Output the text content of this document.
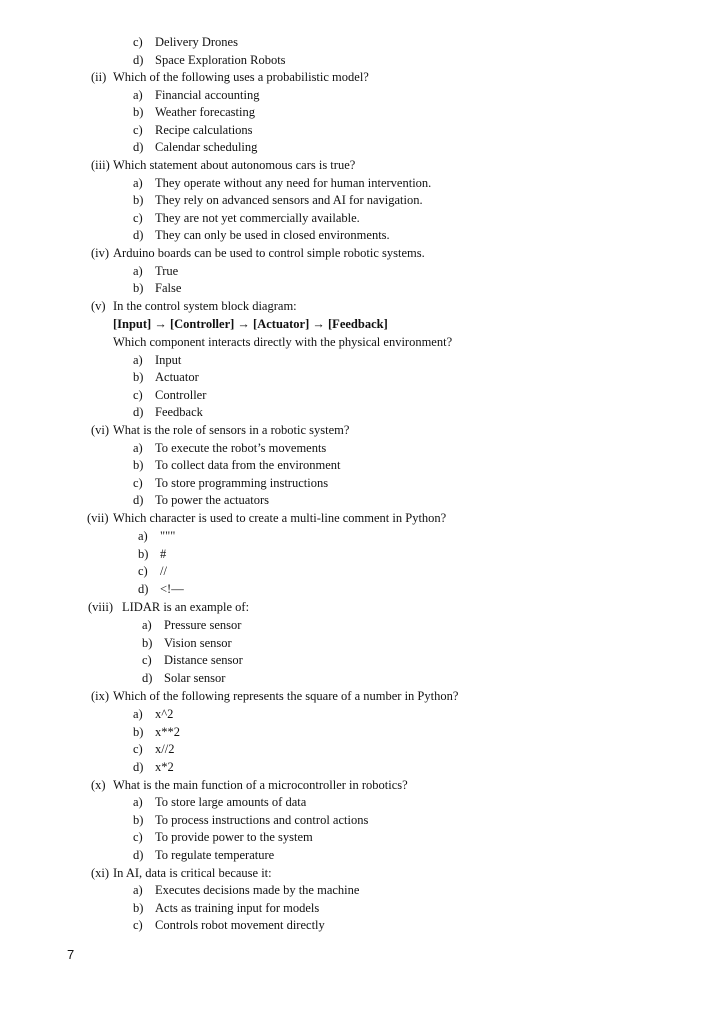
c) Delivery Drones
d) Space Exploration Robots
(ii) Which of the following uses a probabilistic model?
a) Financial accounting
b) Weather forecasting
c) Recipe calculations
d) Calendar scheduling
(iii) Which statement about autonomous cars is true?
a) They operate without any need for human intervention.
b) They rely on advanced sensors and AI for navigation.
c) They are not yet commercially available.
d) They can only be used in closed environments.
(iv) Arduino boards can be used to control simple robotic systems.
a) True
b) False
(v) In the control system block diagram:
[Input] → [Controller] → [Actuator] → [Feedback]
Which component interacts directly with the physical environment?
a) Input
b) Actuator
c) Controller
d) Feedback
(vi) What is the role of sensors in a robotic system?
a) To execute the robot’s movements
b) To collect data from the environment
c) To store programming instructions
d) To power the actuators
(vii) Which character is used to create a multi-line comment in Python?
a) """
b) #
c) //
d) <!—
(viii) LIDAR is an example of:
a) Pressure sensor
b) Vision sensor
c) Distance sensor
d) Solar sensor
(ix) Which of the following represents the square of a number in Python?
a) x^2
b) x**2
c) x//2
d) x*2
(x) What is the main function of a microcontroller in robotics?
a) To store large amounts of data
b) To process instructions and control actions
c) To provide power to the system
d) To regulate temperature
(xi) In AI, data is critical because it:
a) Executes decisions made by the machine
b) Acts as training input for models
c) Controls robot movement directly
7
